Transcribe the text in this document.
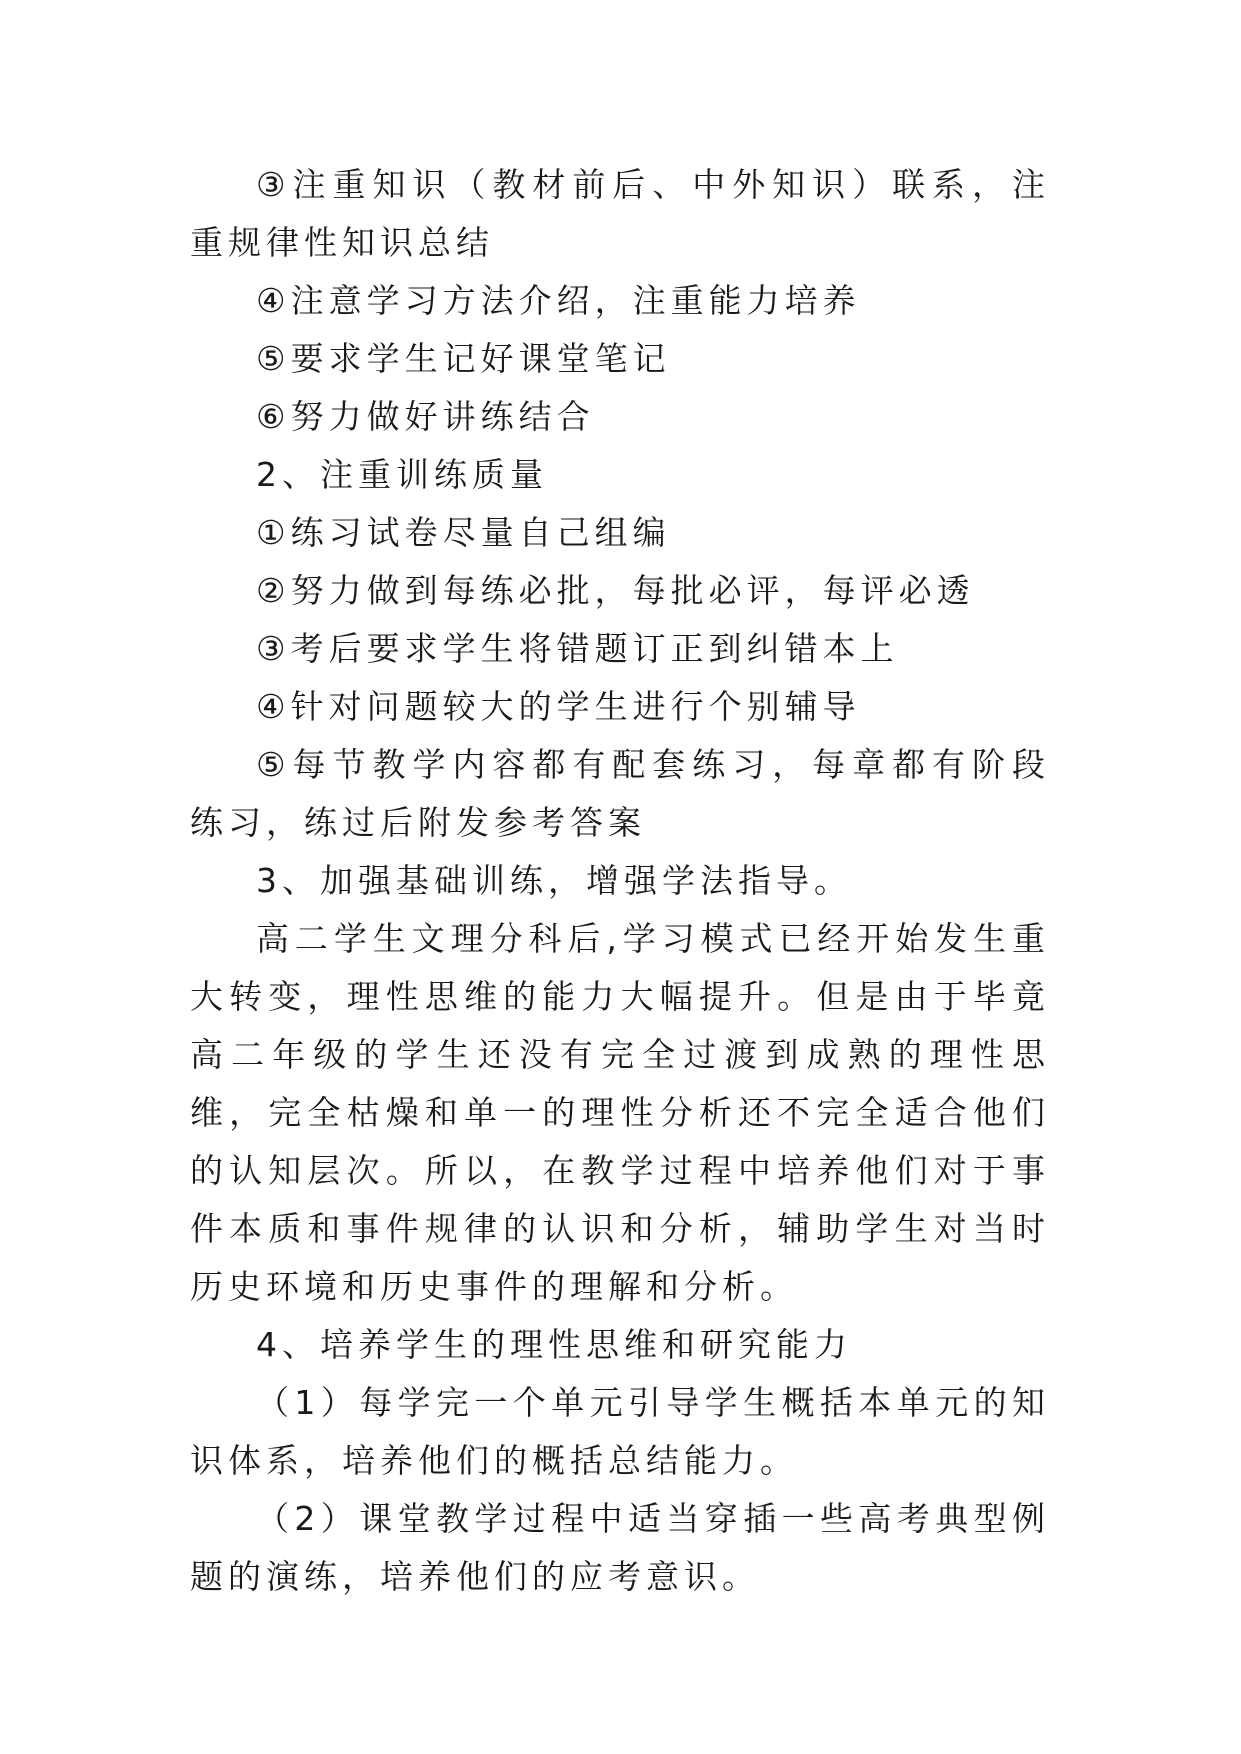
③注重知识（教材前后、中外知识）联系，注重规律性知识总结

④注意学习方法介绍，注重能力培养

⑤要求学生记好课堂笔记

⑥努力做好讲练结合

2、注重训练质量

①练习试卷尽量自己组编

②努力做到每练必批，每批必评，每评必透

③考后要求学生将错题订正到纠错本上

④针对问题较大的学生进行个别辅导

⑤每节教学内容都有配套练习，每章都有阶段练习，练过后附发参考答案

3、加强基础训练，增强学法指导。

高二学生文理分科后,学习模式已经开始发生重大转变，理性思维的能力大幅提升。但是由于毕竟高二年级的学生还没有完全过渡到成熟的理性思维，完全枯燥和单一的理性分析还不完全适合他们的认知层次。所以，在教学过程中培养他们对于事件本质和事件规律的认识和分析，辅助学生对当时历史环境和历史事件的理解和分析。

4、培养学生的理性思维和研究能力

（1）每学完一个单元引导学生概括本单元的知识体系，培养他们的概括总结能力。

（2）课堂教学过程中适当穿插一些高考典型例题的演练，培养他们的应考意识。
